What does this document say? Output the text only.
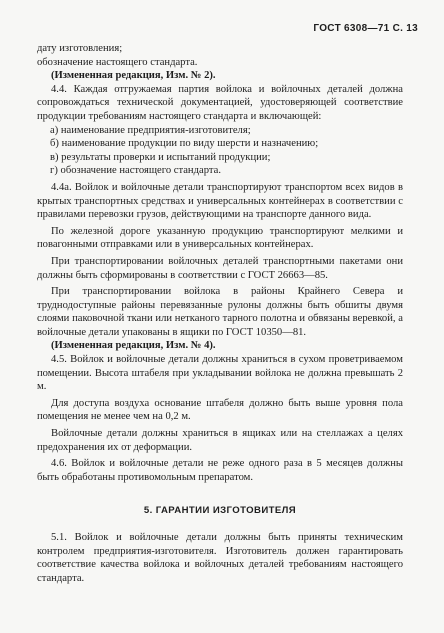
ГОСТ 6308—71 С. 13

дату изготовления;

обозначение настоящего стандарта.

(Измененная редакция, Изм. № 2).

4.4. Каждая отгружаемая партия войлока и войлочных деталей должна сопровождаться технической документацией, удостоверяющей соответствие продукции требованиям настоящего стандарта и включающей:

а) наименование предприятия-изготовителя;

б) наименование продукции по виду шерсти и назначению;

в) результаты проверки и испытаний продукции;

г) обозначение настоящего стандарта.

4.4а. Войлок и войлочные детали транспортируют транспортом всех видов в крытых транспортных средствах и универсальных контейнерах в соответствии с правилами перевозки грузов, действующими на транспорте данного вида.

По железной дороге указанную продукцию транспортируют мелкими и повагонными отправками или в универсальных контейнерах.

При транспортировании войлочных деталей транспортными пакетами они должны быть сформированы в соответствии с ГОСТ 26663—85.

При транспортировании войлока в районы Крайнего Севера и труднодоступные районы перевязанные рулоны должны быть обшиты двумя слоями паковочной ткани или нетканого тарного полотна и обвязаны веревкой, а войлочные детали упакованы в ящики по ГОСТ 10350—81.

(Измененная редакция, Изм. № 4).

4.5. Войлок и войлочные детали должны храниться в сухом проветриваемом помещении. Высота штабеля при укладывании войлока не должна превышать 2 м.

Для доступа воздуха основание штабеля должно быть выше уровня пола помещения не менее чем на 0,2 м.

Войлочные детали должны храниться в ящиках или на стеллажах а целях предохранения их от деформации.

4.6. Войлок и войлочные детали не реже одного раза в 5 месяцев должны быть обработаны противомольным препаратом.

5. ГАРАНТИИ ИЗГОТОВИТЕЛЯ

5.1. Войлок и войлочные детали должны быть приняты техническим контролем предприятия-изготовителя. Изготовитель должен гарантировать соответствие качества войлока и войлочных деталей требованиям настоящего стандарта.
